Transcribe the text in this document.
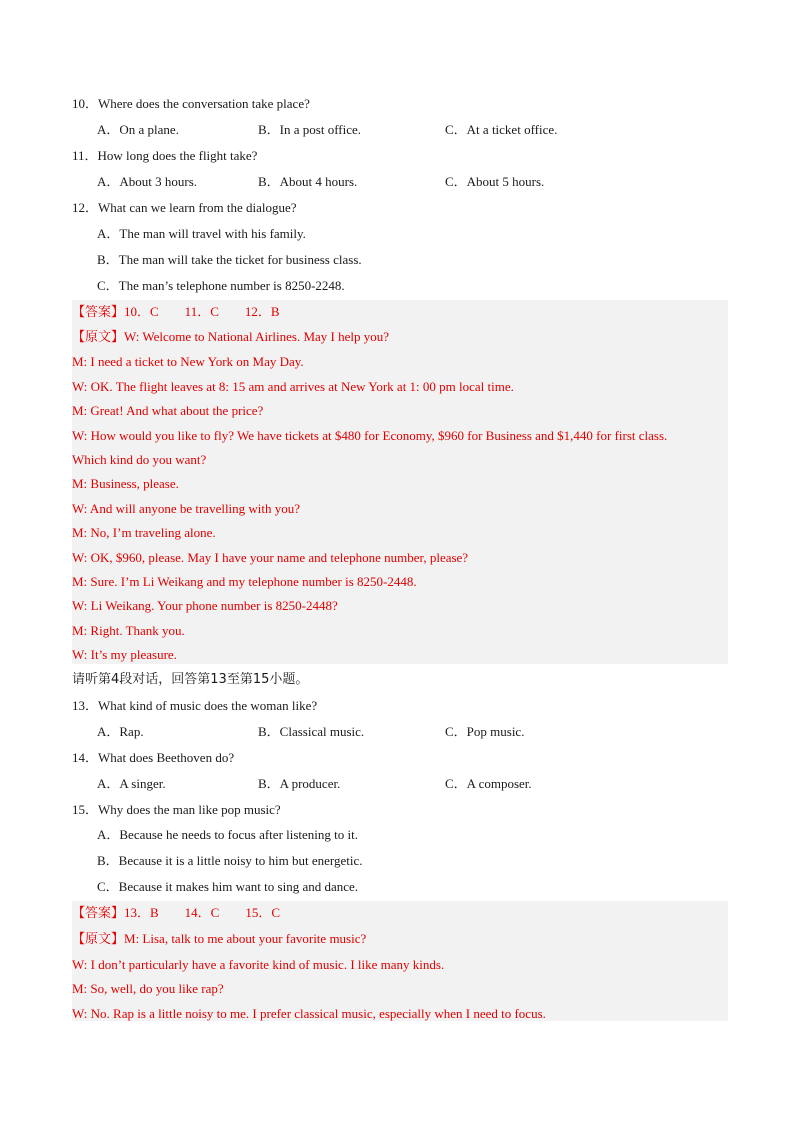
10．Where does the conversation take place?
A．On a plane.	B．In a post office.	C．At a ticket office.
11．How long does the flight take?
A．About 3 hours.	B．About 4 hours.	C．About 5 hours.
12．What can we learn from the dialogue?
A．The man will travel with his family.
B．The man will take the ticket for business class.
C．The man’s telephone number is 8250-2248.
【答案】10．C　　11．C　　12．B
【原文】W: Welcome to National Airlines. May I help you?
M: I need a ticket to New York on May Day.
W: OK. The flight leaves at 8: 15 am and arrives at New York at 1: 00 pm local time.
M: Great! And what about the price?
W: How would you like to fly? We have tickets at $480 for Economy, $960 for Business and $1,440 for first class.
Which kind do you want?
M: Business, please.
W: And will anyone be travelling with you?
M: No, I’m traveling alone.
W: OK, $960, please. May I have your name and telephone number, please?
M: Sure. I’m Li Weikang and my telephone number is 8250-2448.
W: Li Weikang. Your phone number is 8250-2448?
M: Right. Thank you.
W: It’s my pleasure.
请听第4段对话，回答第13至第15小题。
13．What kind of music does the woman like?
A．Rap.	B．Classical music.	C．Pop music.
14．What does Beethoven do?
A．A singer.	B．A producer.	C．A composer.
15．Why does the man like pop music?
A．Because he needs to focus after listening to it.
B．Because it is a little noisy to him but energetic.
C．Because it makes him want to sing and dance.
【答案】13．B　　14．C　　15．C
【原文】M: Lisa, talk to me about your favorite music?
W: I don’t particularly have a favorite kind of music. I like many kinds.
M: So, well, do you like rap?
W: No. Rap is a little noisy to me. I prefer classical music, especially when I need to focus.
